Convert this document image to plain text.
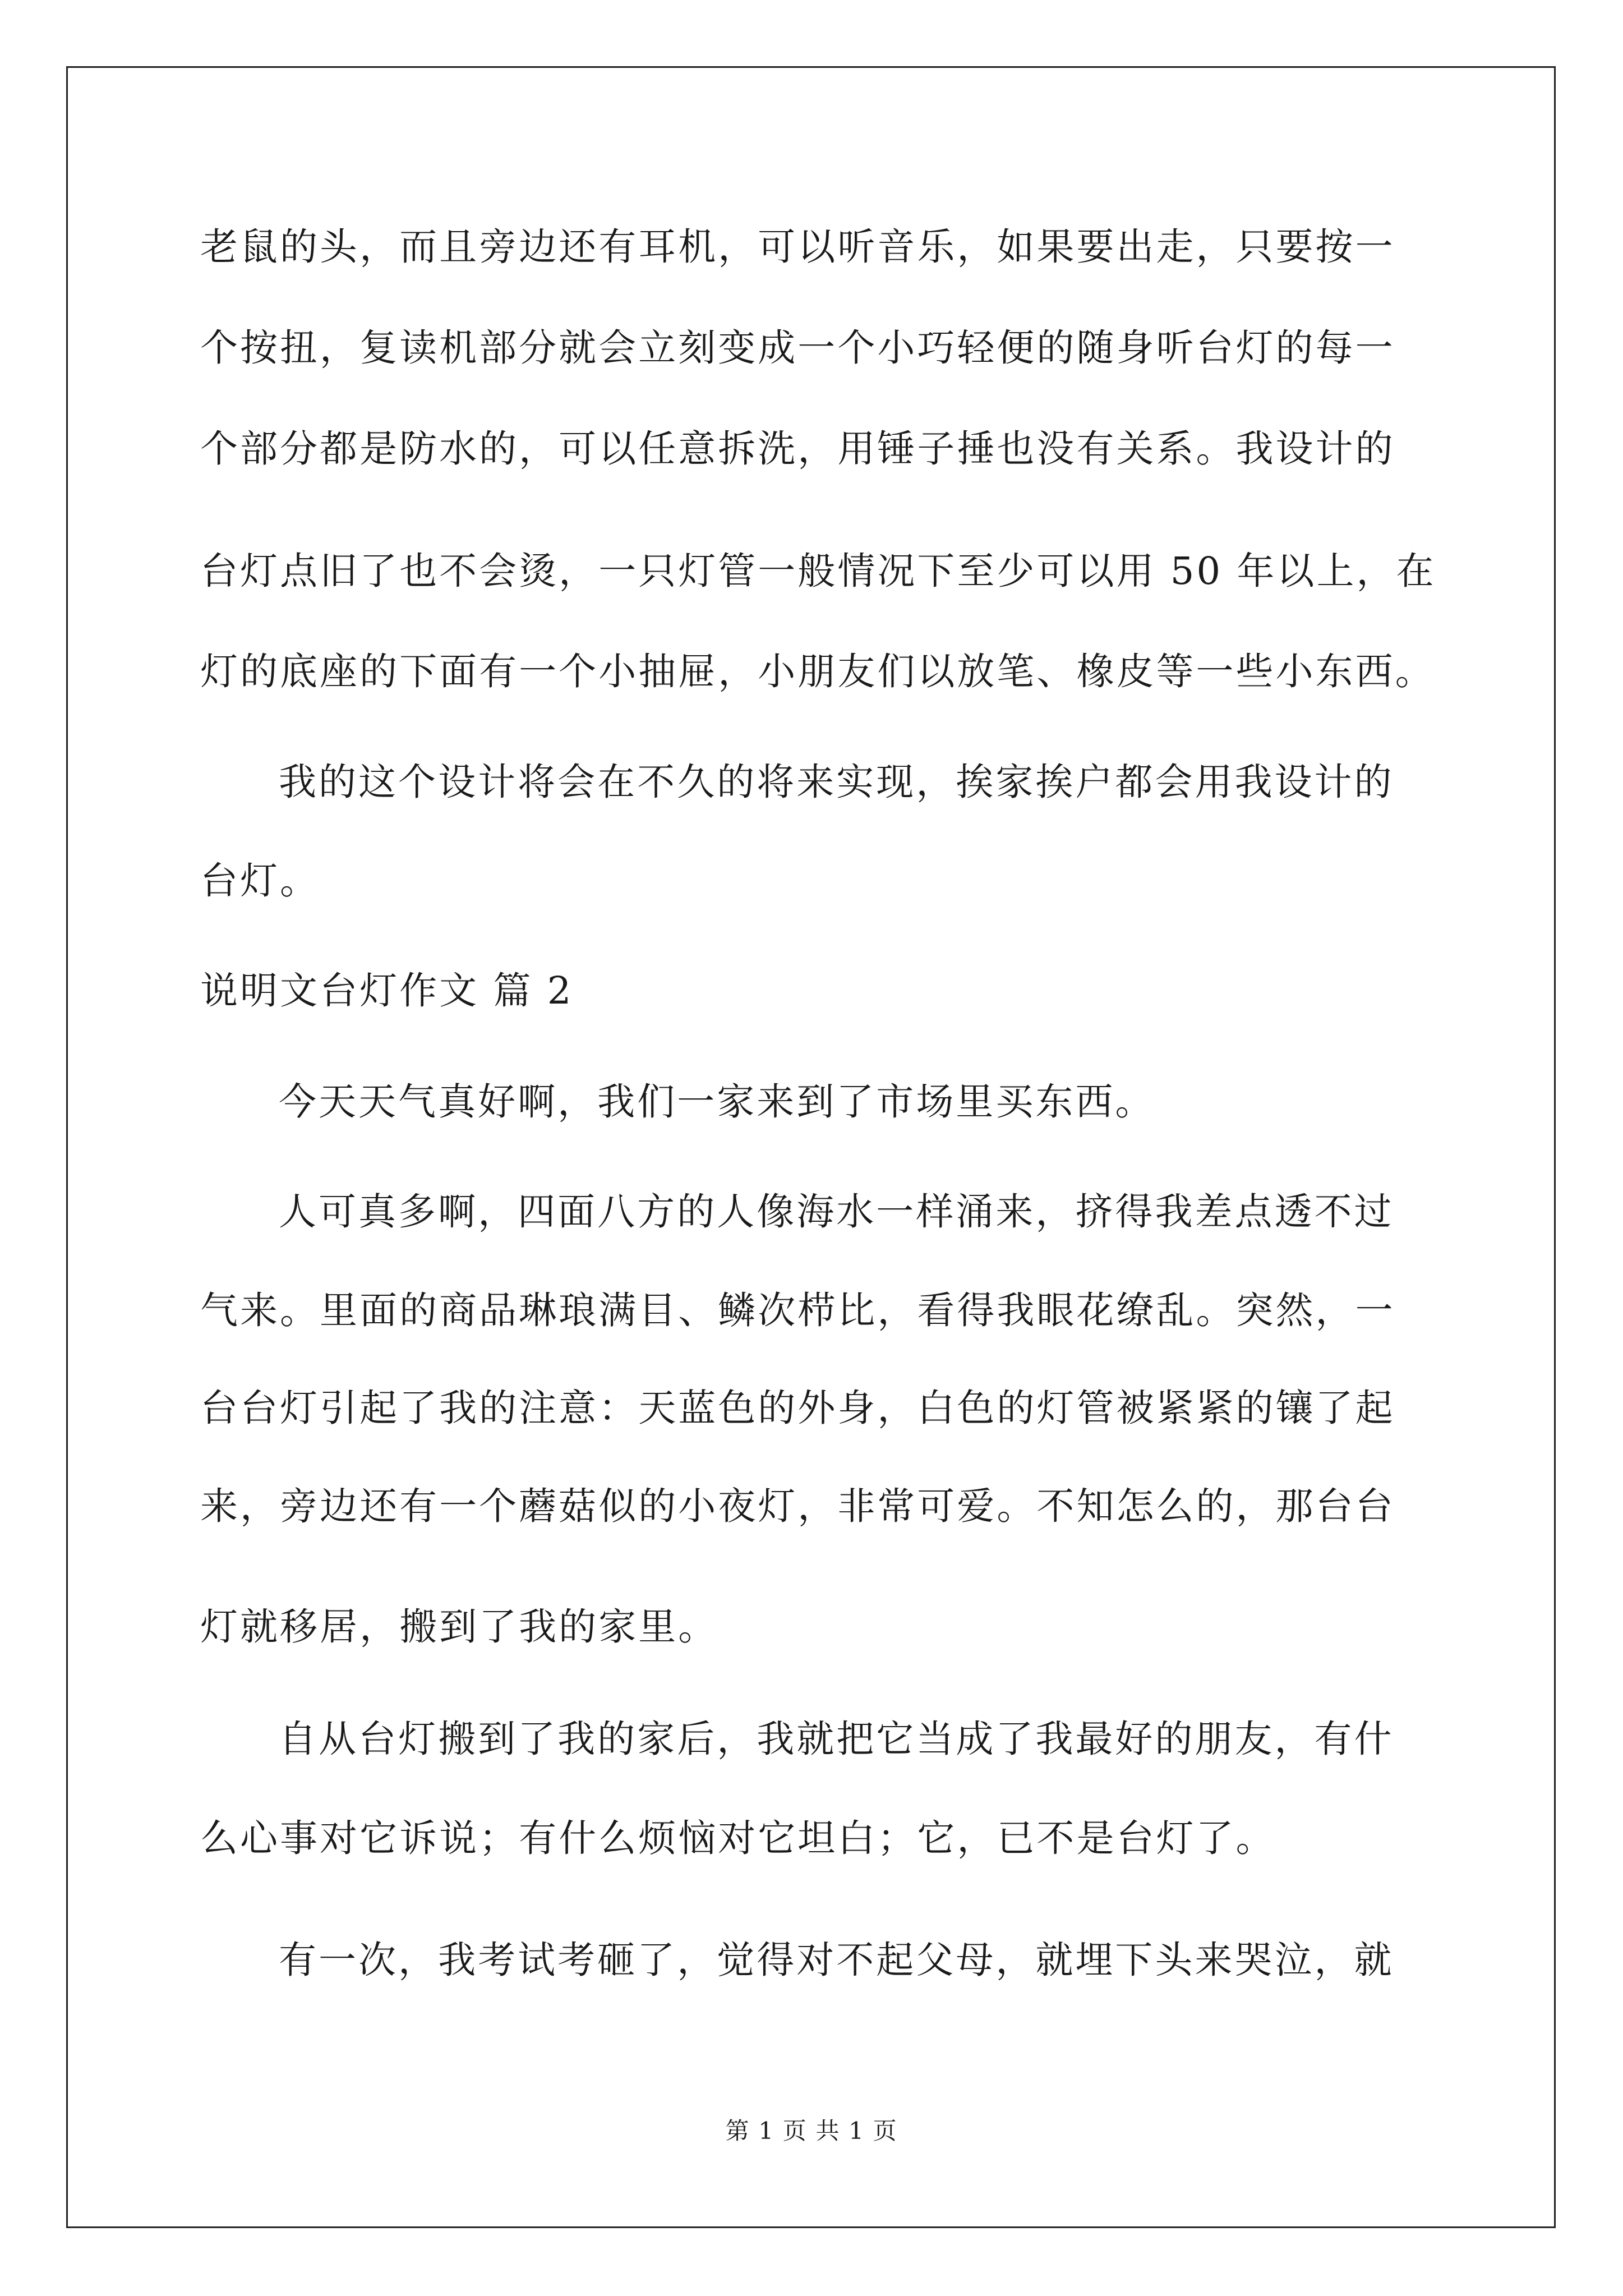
老鼠的头，而且旁边还有耳机，可以听音乐，如果要出走，只要按一
个按扭，复读机部分就会立刻变成一个小巧轻便的随身听台灯的每一
个部分都是防水的，可以任意拆洗，用锤子捶也没有关系。我设计的
台灯点旧了也不会烫，一只灯管一般情况下至少可以用 50 年以上，在
灯的底座的下面有一个小抽屉，小朋友们以放笔、橡皮等一些小东西。
我的这个设计将会在不久的将来实现，挨家挨户都会用我设计的
台灯。
说明文台灯作文 篇 2
今天天气真好啊，我们一家来到了市场里买东西。
人可真多啊，四面八方的人像海水一样涌来，挤得我差点透不过
气来。里面的商品琳琅满目、鳞次栉比，看得我眼花缭乱。突然，一
台台灯引起了我的注意：天蓝色的外身，白色的灯管被紧紧的镶了起
来，旁边还有一个蘑菇似的小夜灯，非常可爱。不知怎么的，那台台
灯就移居，搬到了我的家里。
自从台灯搬到了我的家后，我就把它当成了我最好的朋友，有什
么心事对它诉说；有什么烦恼对它坦白；它，已不是台灯了。
有一次，我考试考砸了，觉得对不起父母，就埋下头来哭泣，就
第 1 页 共 1 页
